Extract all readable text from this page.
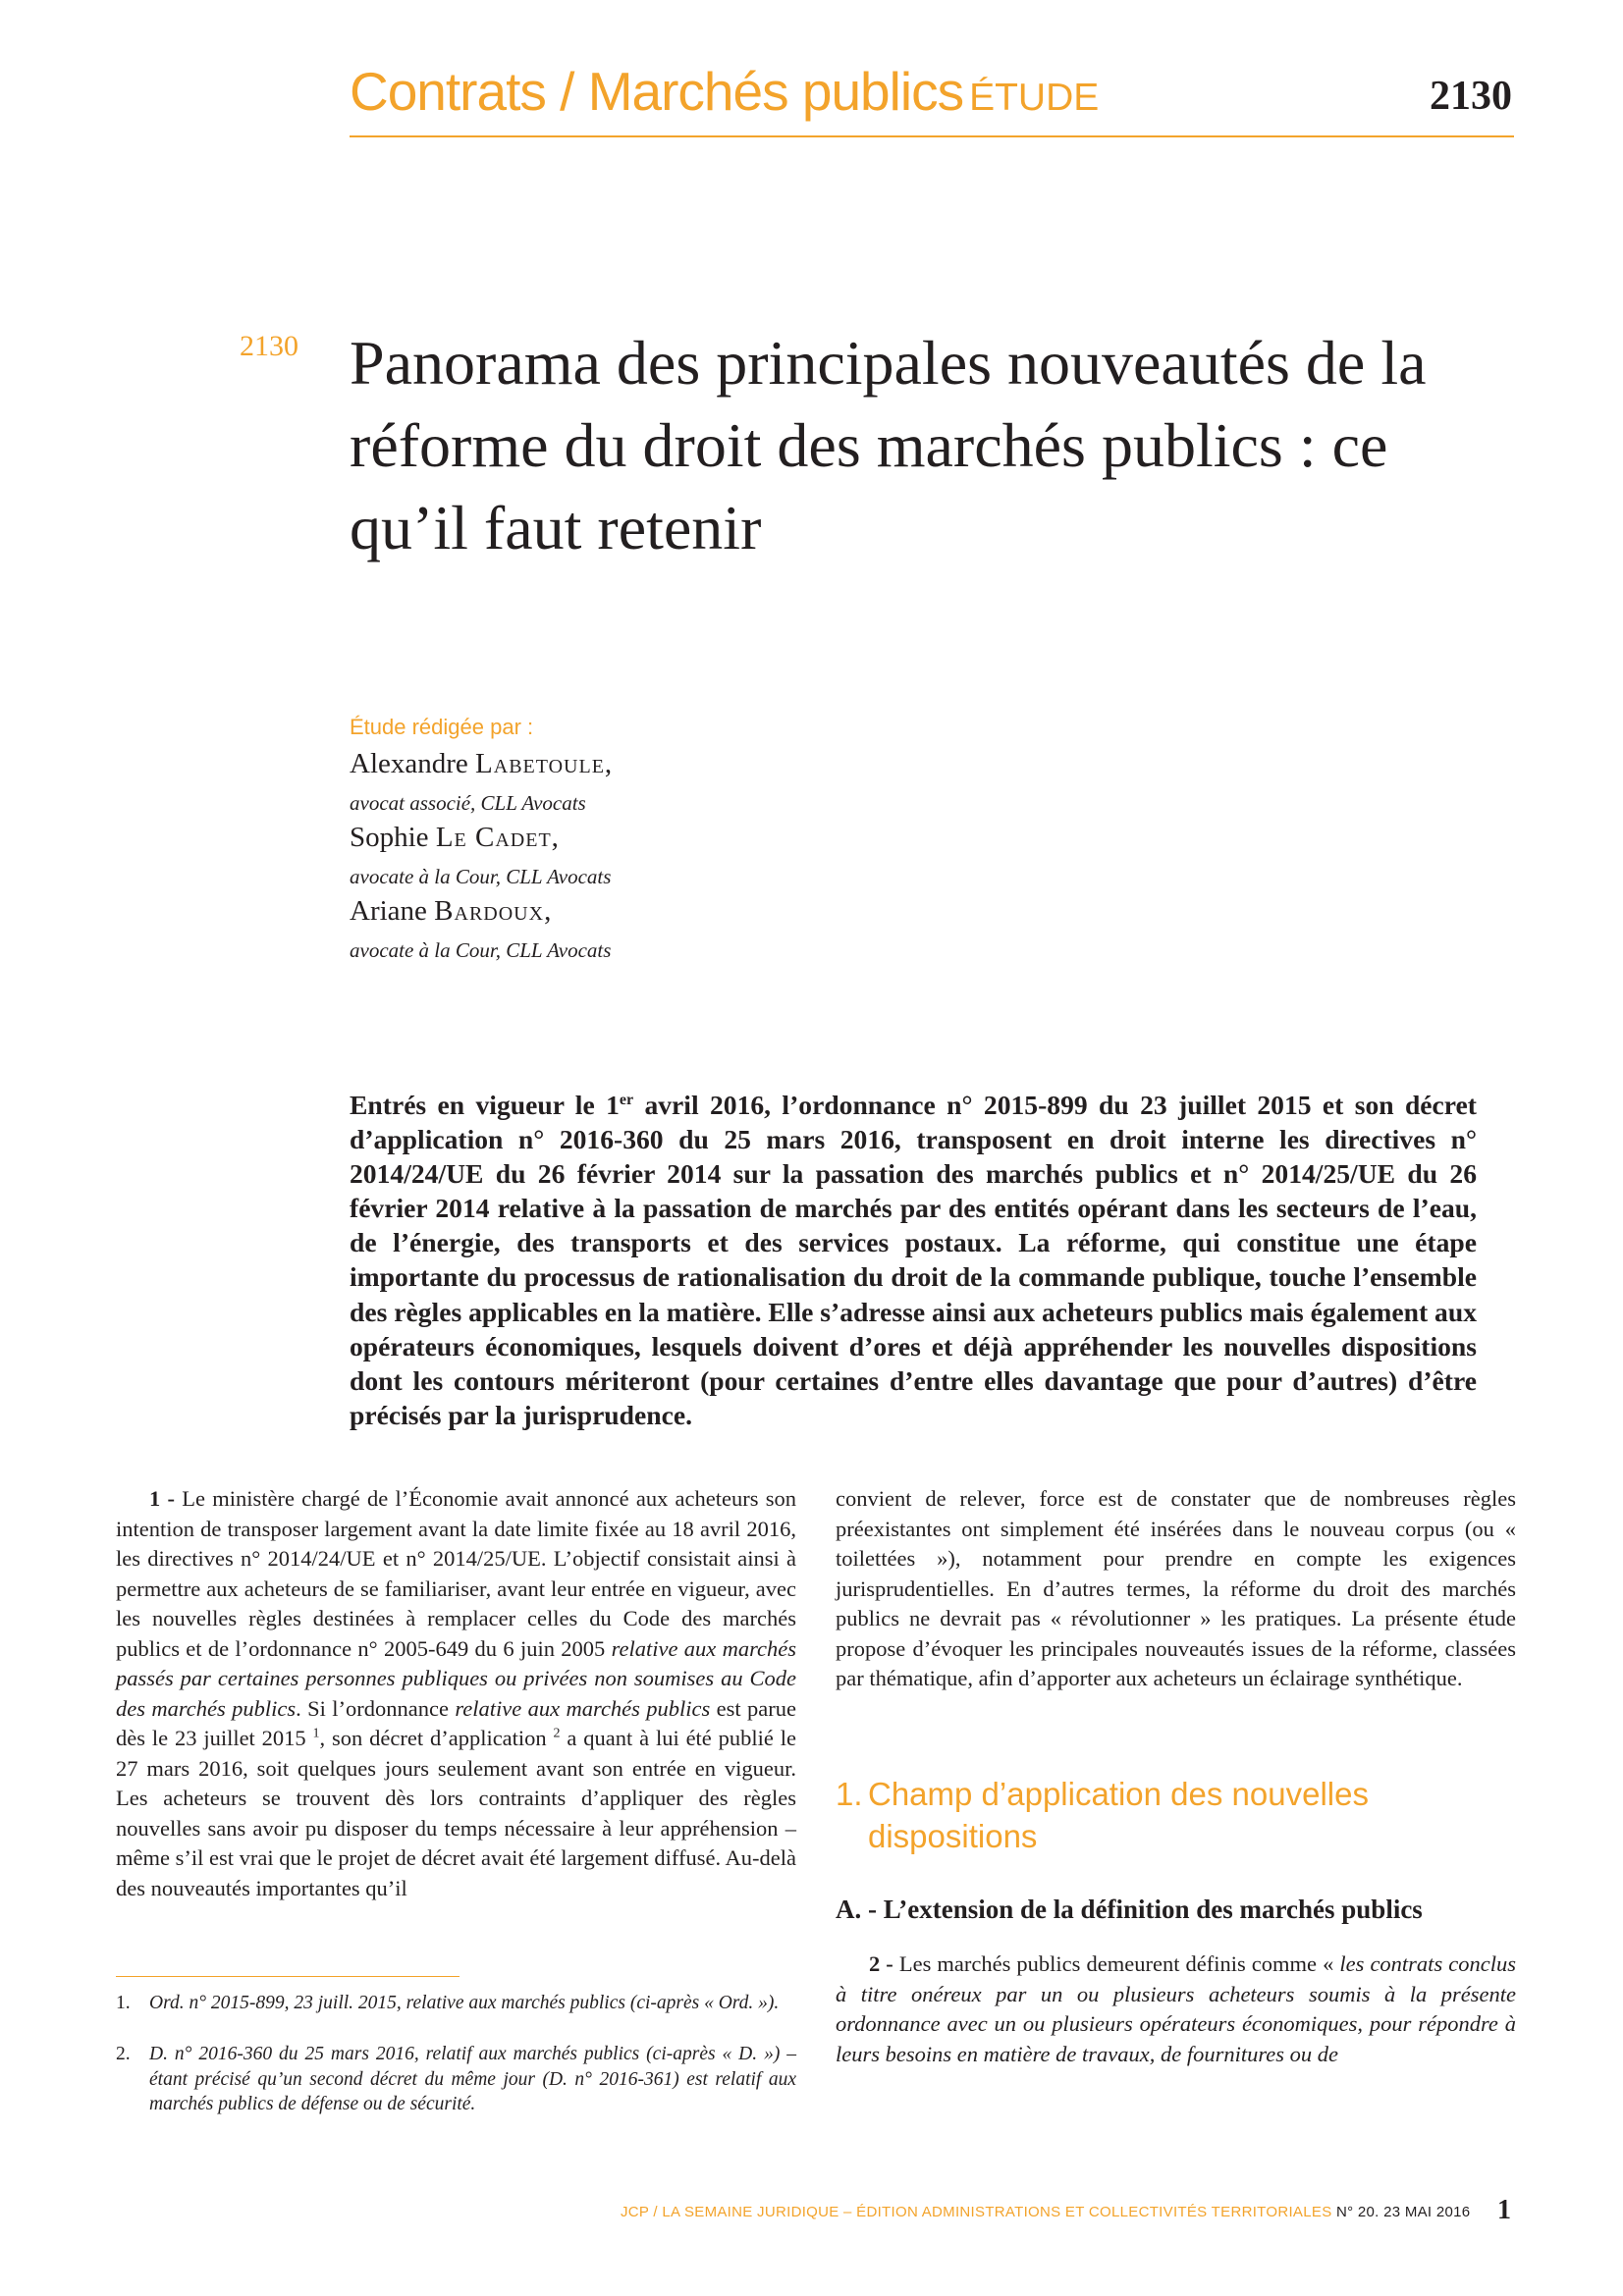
Contrats / Marchés publics ÉTUDE	2130
2130 Panorama des principales nouveautés de la réforme du droit des marchés publics : ce qu’il faut retenir
Étude rédigée par :
Alexandre Labetoule,
avocat associé, CLL Avocats
Sophie Le Cadet,
avocate à la Cour, CLL Avocats
Ariane Bardoux,
avocate à la Cour, CLL Avocats
Entrés en vigueur le 1er avril 2016, l’ordonnance n° 2015-899 du 23 juillet 2015 et son décret d’application n° 2016-360 du 25 mars 2016, transposent en droit interne les directives n° 2014/24/UE du 26 février 2014 sur la passation des marchés publics et n° 2014/25/UE du 26 février 2014 relative à la passation de marchés par des entités opérant dans les secteurs de l’eau, de l’énergie, des transports et des services postaux. La réforme, qui constitue une étape importante du processus de rationalisation du droit de la commande publique, touche l’ensemble des règles applicables en la matière. Elle s’adresse ainsi aux acheteurs publics mais également aux opérateurs économiques, lesquels doivent d’ores et déjà appréhender les nouvelles dispositions dont les contours mériteront (pour certaines d’entre elles davantage que pour d’autres) d’être précisés par la jurisprudence.

1 - Le ministère chargé de l’Économie avait annoncé aux acheteurs son intention de transposer largement avant la date limite fixée au 18 avril 2016, les directives n° 2014/24/UE et n° 2014/25/UE. L’objectif consistait ainsi à permettre aux acheteurs de se familiariser, avant leur entrée en vigueur, avec les nouvelles règles destinées à remplacer celles du Code des marchés publics et de l’ordonnance n° 2005-649 du 6 juin 2005 relative aux marchés passés par certaines personnes publiques ou privées non soumises au Code des marchés publics. Si l’ordonnance relative aux marchés publics est parue dès le 23 juillet 2015 $^1$, son décret d’application $^2$ a quant à lui été publié le 27 mars 2016, soit quelques jours seulement avant son entrée en vigueur. Les acheteurs se trouvent dès lors contraints d’appliquer des règles nouvelles sans avoir pu disposer du temps nécessaire à leur appréhension – même s’il est vrai que le projet de décret avait été largement diffusé. Au-delà des nouveautés importantes qu’il

1. Ord. n° 2015-899, 23 juill. 2015, relative aux marchés publics (ci-après « Ord. »).
2. D. n° 2016-360 du 25 mars 2016, relatif aux marchés publics (ci-après « D. ») – étant précisé qu’un second décret du même jour (D. n° 2016-361) est relatif aux marchés publics de défense ou de sécurité.

convient de relever, force est de constater que de nombreuses règles préexistantes ont simplement été insérées dans le nouveau corpus (ou « toilettées »), notamment pour prendre en compte les exigences jurisprudentielles. En d’autres termes, la réforme du droit des marchés publics ne devrait pas « révolutionner » les pratiques. La présente étude propose d’évoquer les principales nouveautés issues de la réforme, classées par thématique, afin d’apporter aux acheteurs un éclairage synthétique.

1. Champ d’application des nouvelles
dispositions
A. - L’extension de la définition des marchés publics

2 - Les marchés publics demeurent définis comme « les contrats conclus à titre onéreux par un ou plusieurs acheteurs soumis à la présente ordonnance avec un ou plusieurs opérateurs économiques, pour répondre à leurs besoins en matière de travaux, de fournitures ou de

JCP / LA SEMAINE JURIDIQUE – ÉDITION ADMINISTRATIONS ET COLLECTIVITÉS TERRITORIALES N° 20. 23 MAI 2016 1
